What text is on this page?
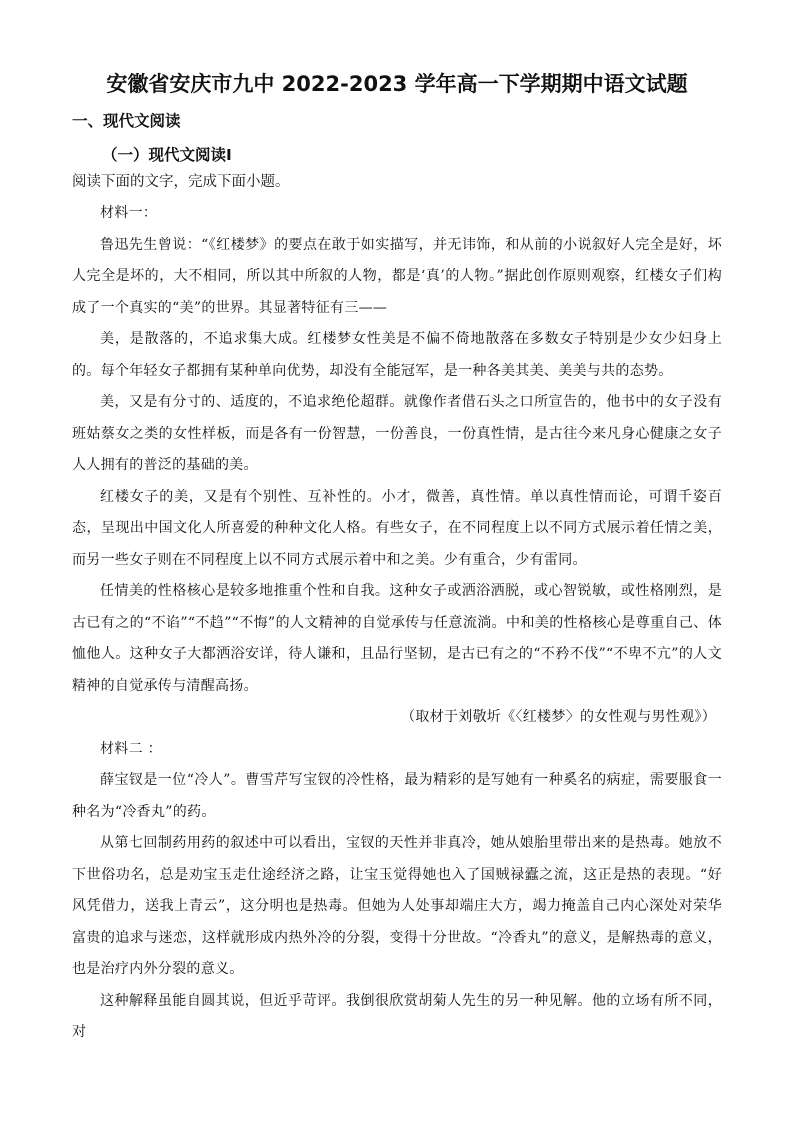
安徽省安庆市九中 2022-2023 学年高一下学期期中语文试题
一、现代文阅读
（一）现代文阅读Ⅰ
阅读下面的文字，完成下面小题。

材料一：

鲁迅先生曾说：“《红楼梦》的要点在敢于如实描写，并无讳饰，和从前的小说叙好人完全是好，坏人完全是坏的，大不相同，所以其中所叙的人物，都是‘真’的人物。”据此创作原则观察，红楼女子们构成了一个真实的“美”的世界。其显著特征有三——

美，是散落的，不追求集大成。红楼梦女性美是不偏不倚地散落在多数女子特别是少女少妇身上的。每个年轻女子都拥有某种单向优势，却没有全能冠军，是一种各美其美、美美与共的态势。

美，又是有分寸的、适度的，不追求绝伦超群。就像作者借石头之口所宣告的，他书中的女子没有班姑蔡女之类的女性样板，而是各有一份智慧，一份善良，一份真性情，是古往今来凡身心健康之女子人人拥有的普泛的基础的美。

红楼女子的美，又是有个别性、互补性的。小才，微善，真性情。单以真性情而论，可谓千姿百态，呈现出中国文化人所喜爱的种种文化人格。有些女子，在不同程度上以不同方式展示着任情之美，而另一些女子则在不同程度上以不同方式展示着中和之美。少有重合，少有雷同。

任情美的性格核心是较多地推重个性和自我。这种女子或洒浴洒脱，或心智锐敏，或性格刚烈，是古已有之的“不谄”“不趋”“不悔”的人文精神的自觉承传与任意流淌。中和美的性格核心是尊重自己、体恤他人。这种女子大都洒浴安详，待人谦和，且品行坚韧，是古已有之的“不矜不伐”“不卑不亢”的人文精神的自觉承传与清醒高扬。

（取材于刘敬圻《〈红楼梦〉的女性观与男性观》）

材料二 ：

薛宝钗是一位“冷人”。曹雪芹写宝钗的冷性格，最为精彩的是写她有一种奚名的病症，需要服食一种名为“冷香丸”的药。

从第七回制药用药的叙述中可以看出，宝钗的天性并非真冷，她从娘胎里带出来的是热毒。她放不下世俗功名，总是劝宝玉走仕途经济之路，让宝玉觉得她也入了国贼禄蠹之流，这正是热的表现。“好风凭借力，送我上青云”，这分明也是热毒。但她为人处事却端庄大方，竭力掩盖自己内心深处对荣华富贵的追求与迷恋，这样就形成内热外冷的分裂，变得十分世故。“冷香丸”的意义，是解热毒的意义，也是治疗内外分裂的意义。

这种解释虽能自圆其说，但近乎苛评。我倒很欣赏胡菊人先生的另一种见解。他的立场有所不同，对
